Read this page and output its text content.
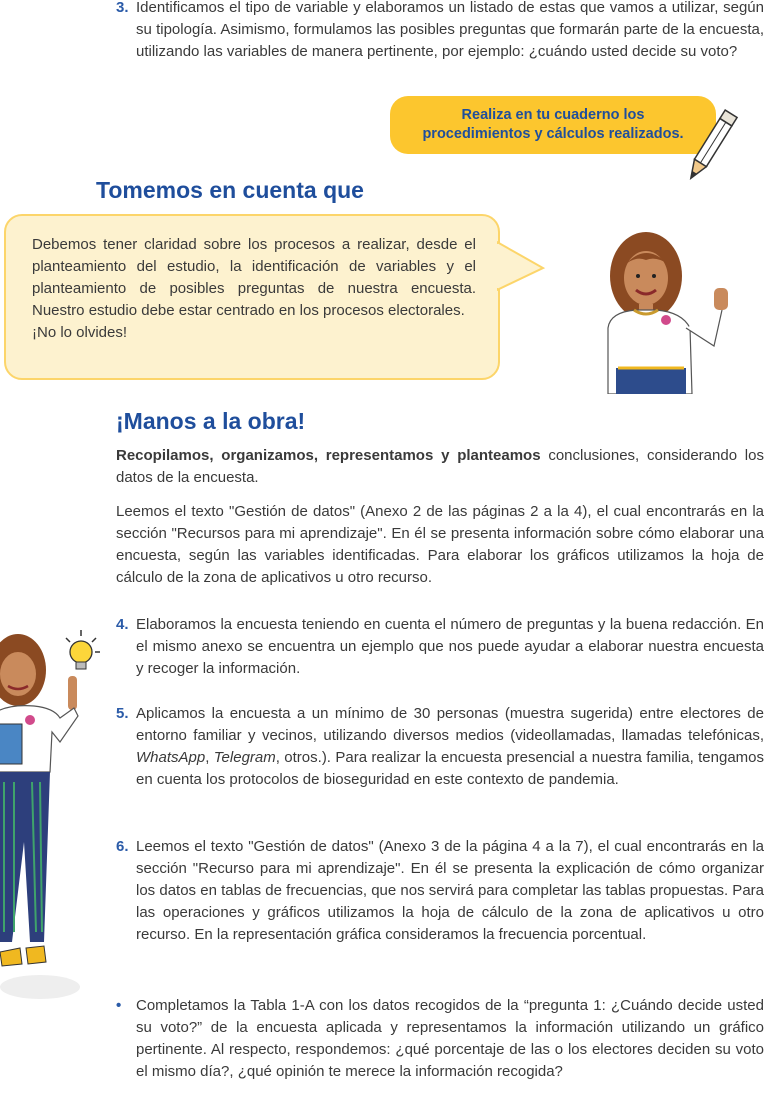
3. Identificamos el tipo de variable y elaboramos un listado de estas que vamos a utilizar, según su tipología. Asimismo, formulamos las posibles preguntas que formarán parte de la encuesta, utilizando las variables de manera pertinente, por ejemplo: ¿cuándo usted decide su voto?
Realiza en tu cuaderno los
procedimientos y cálculos realizados.
Tomemos en cuenta que
Debemos tener claridad sobre los procesos a realizar, desde el planteamiento del estudio, la identificación de variables y el planteamiento de posibles preguntas de nuestra encuesta. Nuestro estudio debe estar centrado en los procesos electorales.
¡No lo olvides!
¡Manos a la obra!
Recopilamos, organizamos, representamos y planteamos conclusiones, considerando los datos de la encuesta.
Leemos el texto "Gestión de datos" (Anexo 2 de las páginas 2 a la 4), el cual encontrarás en la sección "Recursos para mi aprendizaje". En él se presenta información sobre cómo elaborar una encuesta, según las variables identificadas. Para elaborar los gráficos utilizamos la hoja de cálculo de la zona de aplicativos u otro recurso.
4. Elaboramos la encuesta teniendo en cuenta el número de preguntas y la buena redacción. En el mismo anexo se encuentra un ejemplo que nos puede ayudar a elaborar nuestra encuesta y recoger la información.
5. Aplicamos la encuesta a un mínimo de 30 personas (muestra sugerida) entre electores de entorno familiar y vecinos, utilizando diversos medios (videollamadas, llamadas telefónicas, WhatsApp, Telegram, otros.). Para realizar la encuesta presencial a nuestra familia, tengamos en cuenta los protocolos de bioseguridad en este contexto de pandemia.
6. Leemos el texto "Gestión de datos" (Anexo 3 de la página 4 a la 7), el cual encontrarás en la sección "Recurso para mi aprendizaje". En él se presenta la explicación de cómo organizar los datos en tablas de frecuencias, que nos servirá para completar las tablas propuestas. Para las operaciones y gráficos utilizamos la hoja de cálculo de la zona de aplicativos u otro recurso. En la representación gráfica consideramos la frecuencia porcentual.
• Completamos la Tabla 1-A con los datos recogidos de la “pregunta 1: ¿Cuándo decide usted su voto?” de la encuesta aplicada y representamos la información utilizando un gráfico pertinente. Al respecto, respondemos: ¿qué porcentaje de las o los electores deciden su voto el mismo día?, ¿qué opinión te merece la información recogida?
